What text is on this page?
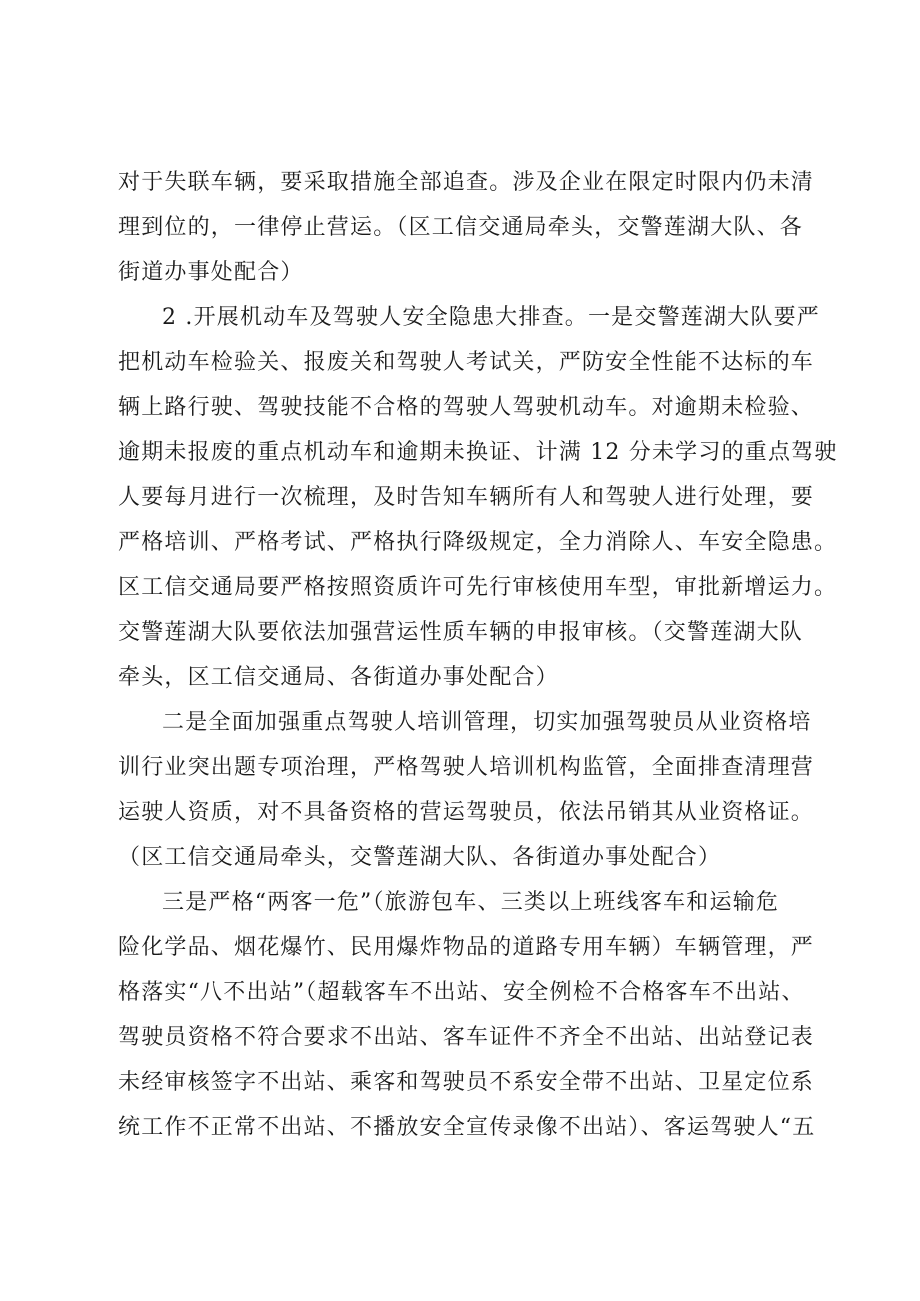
对于失联车辆，要采取措施全部追查。涉及企业在限定时限内仍未清
理到位的，一律停止营运。（区工信交通局牵头，交警莲湖大队、各
街道办事处配合）
2 .开展机动车及驾驶人安全隐患大排查。一是交警莲湖大队要严
把机动车检验关、报废关和驾驶人考试关，严防安全性能不达标的车
辆上路行驶、驾驶技能不合格的驾驶人驾驶机动车。对逾期未检验、
逾期未报废的重点机动车和逾期未换证、计满 12 分未学习的重点驾驶
人要每月进行一次梳理，及时告知车辆所有人和驾驶人进行处理，要
严格培训、严格考试、严格执行降级规定，全力消除人、车安全隐患。
区工信交通局要严格按照资质许可先行审核使用车型，审批新增运力。
交警莲湖大队要依法加强营运性质车辆的申报审核。（交警莲湖大队
牵头，区工信交通局、各街道办事处配合）
二是全面加强重点驾驶人培训管理，切实加强驾驶员从业资格培
训行业突出题专项治理，严格驾驶人培训机构监管，全面排查清理营
运驶人资质，对不具备资格的营运驾驶员，依法吊销其从业资格证。
（区工信交通局牵头，交警莲湖大队、各街道办事处配合）
三是严格“两客一危”（旅游包车、三类以上班线客车和运输危
险化学品、烟花爆竹、民用爆炸物品的道路专用车辆）车辆管理，严
格落实“八不出站”（超载客车不出站、安全例检不合格客车不出站、
驾驶员资格不符合要求不出站、客车证件不齐全不出站、出站登记表
未经审核签字不出站、乘客和驾驶员不系安全带不出站、卫星定位系
统工作不正常不出站、不播放安全宣传录像不出站）、客运驾驶人“五
